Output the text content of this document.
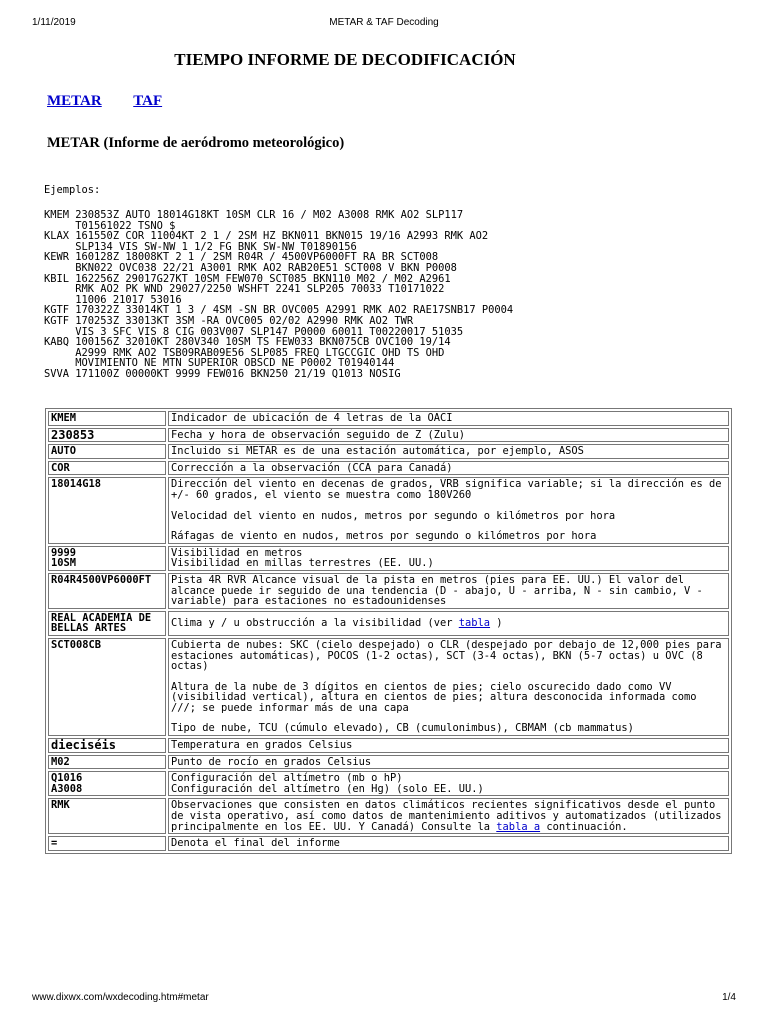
1/11/2019	METAR & TAF Decoding
TIEMPO INFORME DE DECODIFICACIÓN
METAR TAF
METAR (Informe de aeródromo meteorológico)
Ejemplos:
KMEM 230853Z AUTO 18014G18KT 10SM CLR 16 / M02 A3008 RMK AO2 SLP117
T01561022 TSNO $
KLAX 161550Z COR 11004KT 2 1 / 2SM HZ BKN011 BKN015 19/16 A2993 RMK AO2
SLP134 VIS SW-NW 1 1/2 FG BNK SW-NW T01890156
KEWR 160128Z 18008KT 2 1 / 2SM R04R / 4500VP6000FT RA BR SCT008
BKN022 OVC038 22/21 A3001 RMK AO2 RAB20E51 SCT008 V BKN P0008
KBIL 162256Z 29017G27KT 10SM FEW070 SCT085 BKN110 M02 / M02 A2961
RMK AO2 PK WND 29027/2250 WSHFT 2241 SLP205 70033 T10171022
11006 21017 53016
KGTF 170322Z 33014KT 1 3 / 4SM -SN BR OVC005 A2991 RMK AO2 RAE17SNB17 P0004
KGTF 170253Z 33013KT 3SM -RA OVC005 02/02 A2990 RMK AO2 TWR
VIS 3 SFC VIS 8 CIG 003V007 SLP147 P0000 60011 T00220017 51035
KABQ 100156Z 32010KT 280V340 10SM TS FEW033 BKN075CB OVC100 19/14
A2999 RMK AO2 TSB09RAB09E56 SLP085 FREQ LTGCCGIC OHD TS OHD
MOVIMIENTO NE MTN SUPERIOR OBSCD NE P0002 T01940144
SVVA 171100Z 00000KT 9999 FEW016 BKN250 21/19 Q1013 NOSIG
KMEM	Indicador de ubicación de 4 letras de la OACI

230853	Fecha y hora de observación seguido de Z (Zulu)

AUTO	Incluido si METAR es de una estación automática, por ejemplo, ASOS

COR	Corrección a la observación (CCA para Canadá)

18014G18	Dirección del viento en decenas de grados, VRB significa variable; si la dirección es de +/- 60 grados, el viento se muestra como 180V260

Velocidad del viento en nudos, metros por segundo o kilómetros por hora

Ráfagas de viento en nudos, metros por segundo o kilómetros por hora

9999
10SM	Visibilidad en metros
Visibilidad en millas terrestres (EE. UU.)

R04R4500VP6000FT	Pista 4R RVR Alcance visual de la pista en metros (pies para EE. UU.) El valor del alcance puede ir seguido de una tendencia (D - abajo, U - arriba, N - sin cambio, V - variable) para estaciones no estadounidenses

REAL ACADEMIA DE BELLAS ARTES	Clima y / u obstrucción a la visibilidad (ver tabla )
SCT008CB	Cubierta de nubes: SKC (cielo despejado) o CLR (despejado por debajo de 12,000 pies para estaciones automáticas), POCOS (1-2 octas), SCT (3-4 octas), BKN (5-7 octas) u OVC (8 octas)

Altura de la nube de 3 dígitos en cientos de pies; cielo oscurecido dado como VV (visibilidad vertical), altura en cientos de pies; altura desconocida informada como ///; se puede informar más de una capa

Tipo de nube, TCU (cúmulo elevado), CB (cumulonimbus), CBMAM (cb mammatus)

dieciséis	Temperatura en grados Celsius

M02	Punto de rocío en grados Celsius

Q1016
A3008	Configuración del altímetro (mb o hP)
Configuración del altímetro (en Hg) (solo EE. UU.)

RMK	Observaciones que consisten en datos climáticos recientes significativos desde el punto de vista operativo, así como datos de mantenimiento aditivos y automatizados (utilizados principalmente en los EE. UU. Y Canadá) Consulte la tabla a continuación.
=	Denota el final del informe

www.dixwx.com/wxdecoding.htm#metar	1/4
